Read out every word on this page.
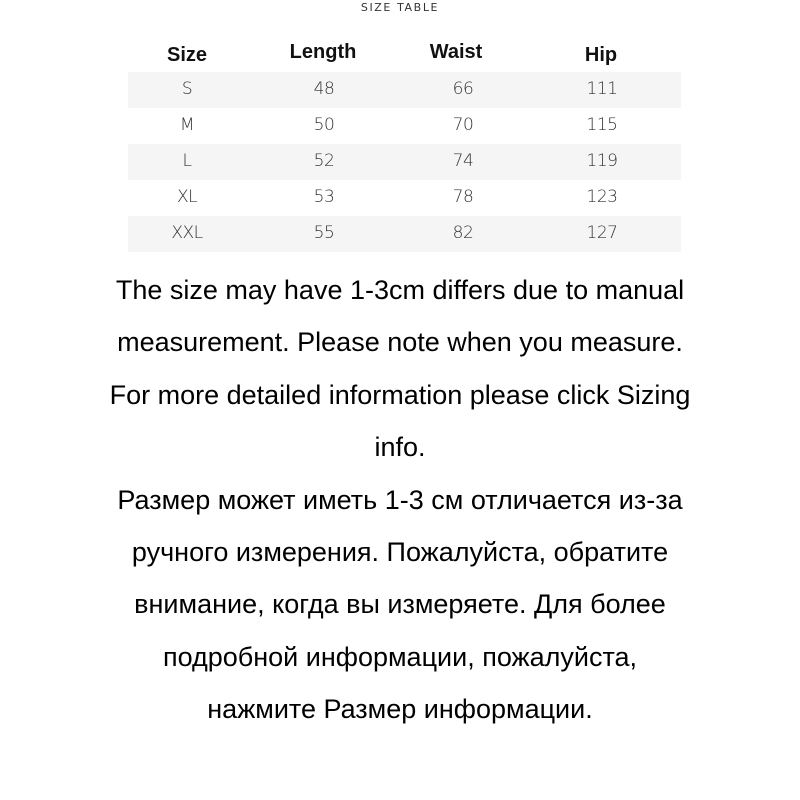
SIZE TABLE
Size	Length	Waist	Hip
S	48	66	111
M	50	70	115
L	52	74	119
XL	53	78	123
XXL	55	82	127
The size may have 1-3cm differs due to manual
measurement. Please note when you measure.
For more detailed information please click Sizing
info.
Размер может иметь 1-3 см отличается из-за
ручного измерения. Пожалуйста, обратите
внимание, когда вы измеряете. Для более
подробной информации, пожалуйста,
нажмите Размер информации.
